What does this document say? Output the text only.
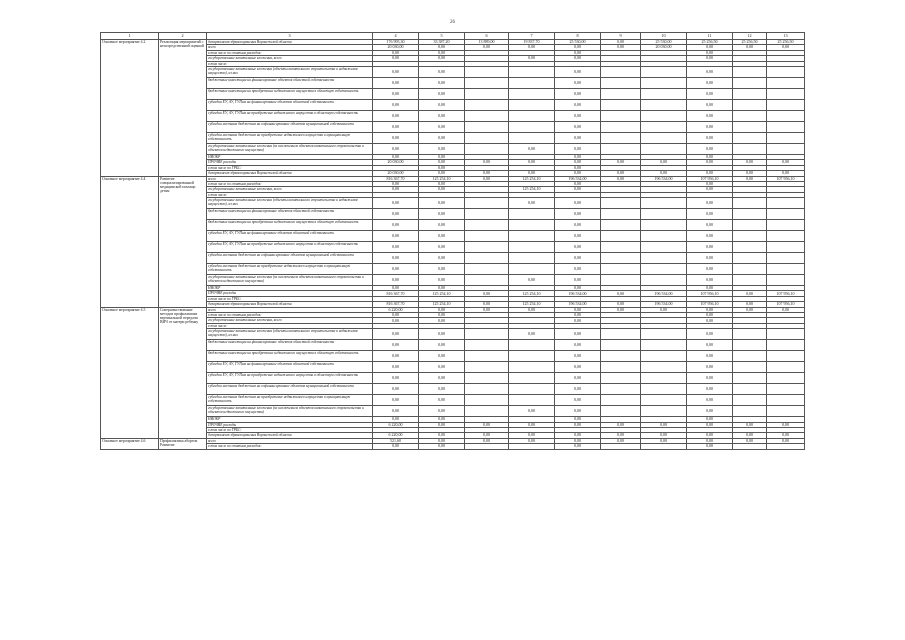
26
1	2	3	4	5	6	7	8	9	10	11	12	13
Основное мероприятие 4.2	Реализация мероприятий с непосредственной оценкой	департамент здравоохранения Воронежской области	176 995,30	33 387,20	13 889,00	19 837,70	25 530,00	0,00	25 530,00	25 256,50	25 256,50	25 256,50
		всего	20 030,00	0,00	0,00	0,00	0,00	0,00	20 030,00	0,00	0,00	0,00
		в том числе по статьям расходов:	0,00	0,00			0,00			0,00		
		государственные капитальные вложения, всего	0,00	0,00		0,00	0,00			0,00		
		в том числе:										
		государственные капитальные вложения (объекты капитального строительства и недвижимое имущество), из них	0,00	0,00			0,00			0,00		
		бюджетные инвестиции на финансирование объектов областной собственности	0,00	0,00			0,00			0,00		
		бюджетные инвестиции на приобретение недвижимого имущества в областную собственность	0,00	0,00			0,00			0,00		
		субсидии ЕУ, АУ, ГУПам на финансирование объектов областной собственности	0,00	0,00			0,00			0,00		
		субсидии ЕУ, АУ, ГУПам на приобретение недвижимого имущества в областную собственность	0,00	0,00			0,00			0,00		
		субсидии местным бюджетам на софинансирование объектов муниципальной собственности	0,00	0,00			0,00			0,00		
		субсидии местным бюджетам на приобретение недвижимого имущества в муниципальную собственность	0,00	0,00			0,00			0,00		
		государственные капитальные вложения (за исключением объектов капитального строительства и объектов недвижимого имущества)	0,00	0,00		0,00	0,00			0,00		
		НИОКР	0,00	0,00			0,00			0,00		
		ПРОЧИЕ расходы	20 030,00	0,00	0,00	0,00	0,00	0,00	0,00	0,00	0,00	0,00
		в том числе по ГРБС:		0,00			0,00					
		департамент здравоохранения Воронежской области	20 030,00	0,00	0,00	0,00	0,00	0,00	0,00	0,00	0,00	0,00
Основное мероприятие 4.4	Развитие специализированной медицинской помощи детям	всего	816 367,70	125 254,10	0,00	125 254,10	196 534,00	0,00	196 534,00	107 956,10	0,00	107 956,10
		в том числе по статьям расходов:	0,00	0,00			0,00			0,00		
		государственные капитальные вложения, всего	0,00	0,00		125 254,10	0,00			0,00		
		в том числе:										
		государственные капитальные вложения (объекты капитального строительства и недвижимое имущество), из них	0,00	0,00		0,00	0,00			0,00		
		бюджетные инвестиции на финансирование объектов областной собственности	0,00	0,00			0,00			0,00		
		бюджетные инвестиции на приобретение недвижимого имущества в областную собственность	0,00	0,00			0,00			0,00		
		субсидии ЕУ, АУ, ГУПам на финансирование объектов областной собственности	0,00	0,00			0,00			0,00		
		субсидии ЕУ, АУ, ГУПам на приобретение недвижимого имущества в областную собственность	0,00	0,00			0,00			0,00		
		субсидии местным бюджетам на софинансирование объектов муниципальной собственности	0,00	0,00			0,00			0,00		
		субсидии местным бюджетам на приобретение недвижимого имущества в муниципальную собственность	0,00	0,00			0,00			0,00		
		государственные капитальные вложения (за исключением объектов капитального строительства и объектов недвижимого имущества)	0,00	0,00		0,00	0,00			0,00		
		НИОКР	0,00	0,00			0,00			0,00		
		ПРОЧИЕ расходы	816 367,70	125 254,10	0,00	125 254,10	196 534,00	0,00	196 534,00	107 956,10	0,00	107 956,10
		в том числе по ГРБС:										
		департамент здравоохранения Воронежской области	816 367,70	125 254,10	0,00	125 254,10	196 534,00	0,00	196 534,00	107 956,10	0,00	107 956,10
Основное мероприятие 4.5	Совершенствование методов профилактики вертикальной передачи ВИЧ от матери ребенку	всего	6 220,00	0,00	0,00	0,00	0,00	0,00	0,00	0,00	0,00	0,00
		в том числе по статьям расходов:	0,00	0,00			0,00			0,00		
		государственные капитальные вложения, всего	0,00	0,00			0,00			0,00		
		в том числе:										
		государственные капитальные вложения (объекты капитального строительства и недвижимое имущество), из них	0,00	0,00		0,00	0,00			0,00		
		бюджетные инвестиции на финансирование объектов областной собственности	0,00	0,00			0,00			0,00		
		бюджетные инвестиции на приобретение недвижимого имущества в областную собственность	0,00	0,00			0,00			0,00		
		субсидии ЕУ, АУ, ГУПам на финансирование объектов областной собственности	0,00	0,00			0,00			0,00		
		субсидии ЕУ, АУ, ГУПам на приобретение недвижимого имущества в областную собственность	0,00	0,00			0,00			0,00		
		субсидии местным бюджетам на софинансирование объектов муниципальной собственности	0,00	0,00			0,00			0,00		
		субсидии местным бюджетам на приобретение недвижимого имущества в муниципальную собственность	0,00	0,00			0,00			0,00		
		государственные капитальные вложения (за исключением объектов капитального строительства и объектов недвижимого имущества)	0,00	0,00		0,00	0,00			0,00		
		НИОКР	0,00	0,00			0,00			0,00		
		ПРОЧИЕ расходы	6 220,00	0,00	0,00	0,00	0,00	0,00	0,00	0,00	0,00	0,00
		в том числе по ГРБС:										
		департамент здравоохранения Воронежской области	6 220,00	0,00	0,00	0,00	0,00	0,00	0,00	0,00	0,00	0,00
Основное мероприятие 4.6	Профилактика абортов. Развитие	всего	521,60	0,00	0,00	0,00	0,00	0,00	0,00	0,00	0,00	0,00
		в том числе по статьям расходов:	0,00	0,00			0,00			0,00		
